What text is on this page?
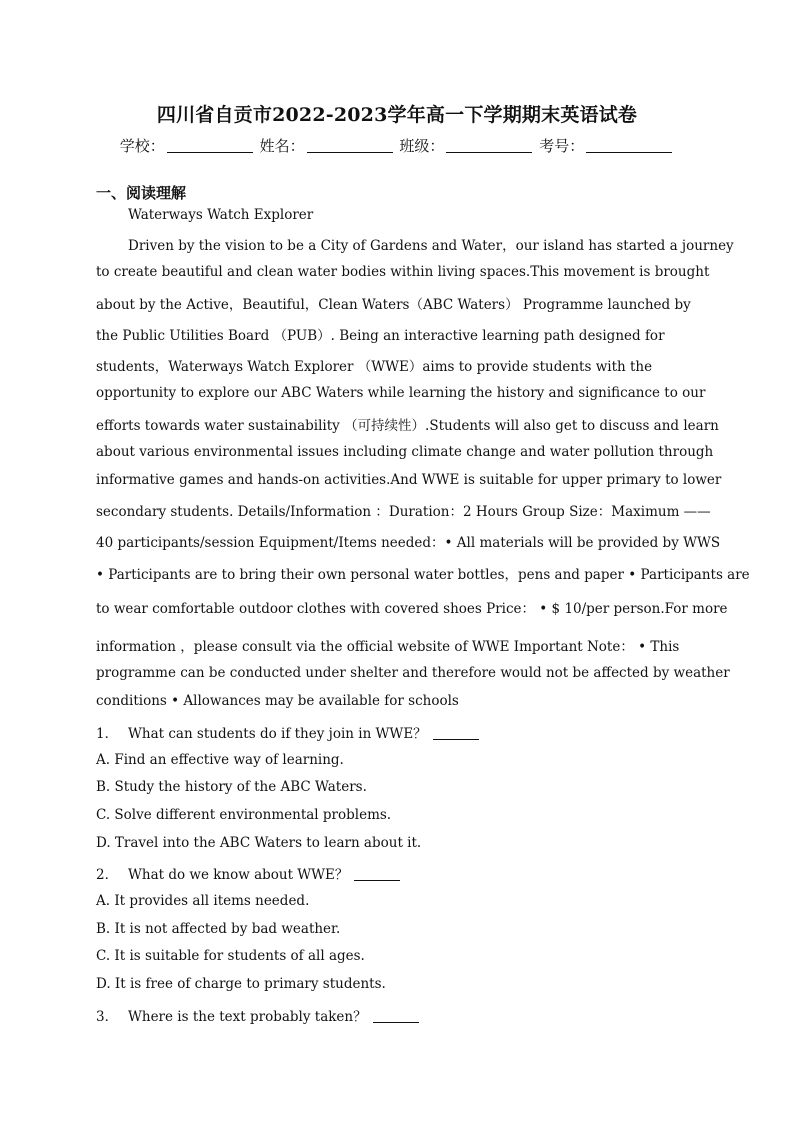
四川省自贡市2022-2023学年高一下学期期末英语试卷
学校：	姓名：	班级：	考号：
一、阅读理解
Waterways Watch Explorer
Driven by the vision to be a City of Gardens and Water，our island has started a journey
to create beautiful and clean water bodies within living spaces.This movement is brought
about by the Active，Beautiful，Clean Waters（ABC Waters） Programme launched by
the Public Utilities Board （PUB）. Being an interactive learning path designed for
students，Waterways Watch Explorer （WWE）aims to provide students with the
opportunity to explore our ABC Waters while learning the history and significance to our
efforts towards water sustainability （可持续性）.Students will also get to discuss and learn
about various environmental issues including climate change and water pollution through
informative games and hands-on activities.And WWE is suitable for upper primary to lower
secondary students. Details/Information ：Duration：2 Hours Group Size：Maximum ——
40 participants/session Equipment/Items needed：• All materials will be provided by WWS
• Participants are to bring their own personal water bottles，pens and paper • Participants are
to wear comfortable outdoor clothes with covered shoes Price： • $ 10/per person.For more
information ，please consult via the official website of WWE Important Note： • This
programme can be conducted under shelter and therefore would not be affected by weather
conditions • Allowances may be available for schools
1． What can students do if they join in WWE？
A. Find an effective way of learning.
B. Study the history of the ABC Waters.
C. Solve different environmental problems.
D. Travel into the ABC Waters to learn about it.
2． What do we know about WWE？
A. It provides all items needed.
B. It is not affected by bad weather.
C. It is suitable for students of all ages.
D. It is free of charge to primary students.
3． Where is the text probably taken？
